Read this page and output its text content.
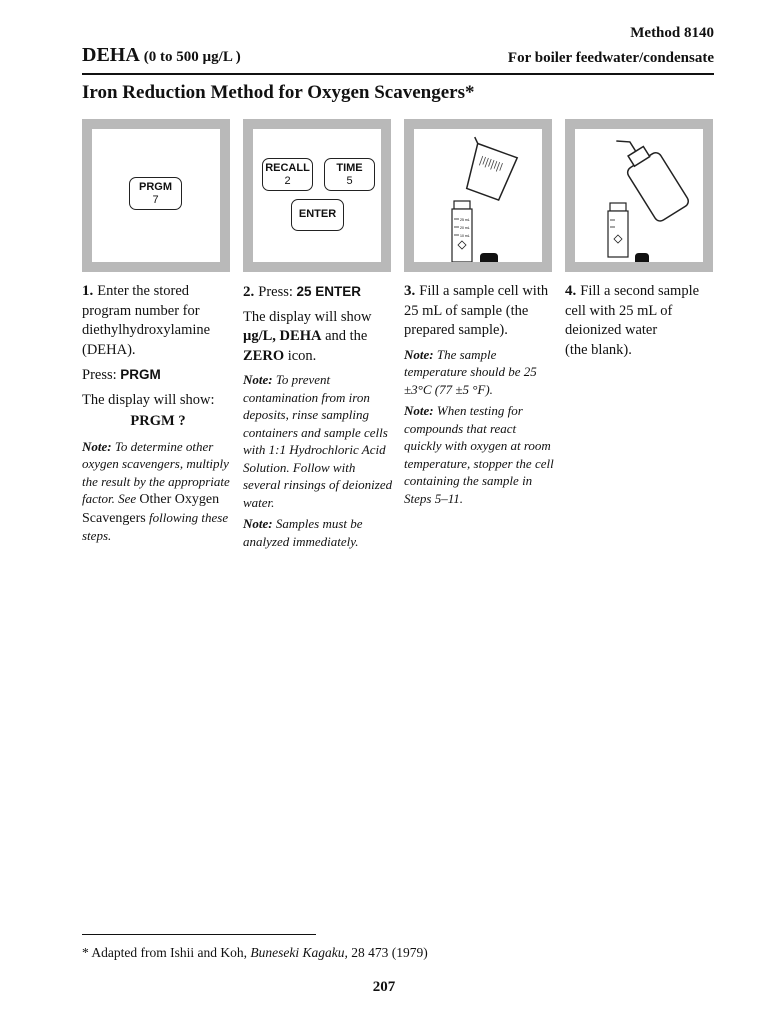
Method 8140
DEHA (0 to 500 µg/L )	For boiler feedwater/condensate
Iron Reduction Method for Oxygen Scavengers*
PRGM
7
RECALL
2
TIME
5
ENTER	25 mL
20 mL
10 mL

1. Enter the stored program number for diethylhydroxylamine (DEHA).

Press: PRGM

The display will show:

PRGM ?
Note: To determine other oxygen scavengers, multiply the result by the appropriate factor. See Other Oxygen Scavengers following these steps.

2. Press: 25 ENTER

The display will show µg/L, DEHA and the ZERO icon.

Note: To prevent contamination from iron deposits, rinse sampling containers and sample cells with 1:1 Hydrochloric Acid Solution. Follow with several rinsings of deionized water.
Note: Samples must be analyzed immediately.

3. Fill a sample cell with 25 mL of sample (the prepared sample).

Note: The sample temperature should be 25 ±3°C (77 ±5 °F).
Note: When testing for compounds that react quickly with oxygen at room temperature, stopper the cell containing the sample in Steps 5–11.

4. Fill a second sample cell with 25 mL of deionized water
(the blank).

* Adapted from Ishii and Koh, Buneseki Kagaku, 28 473 (1979)
207
